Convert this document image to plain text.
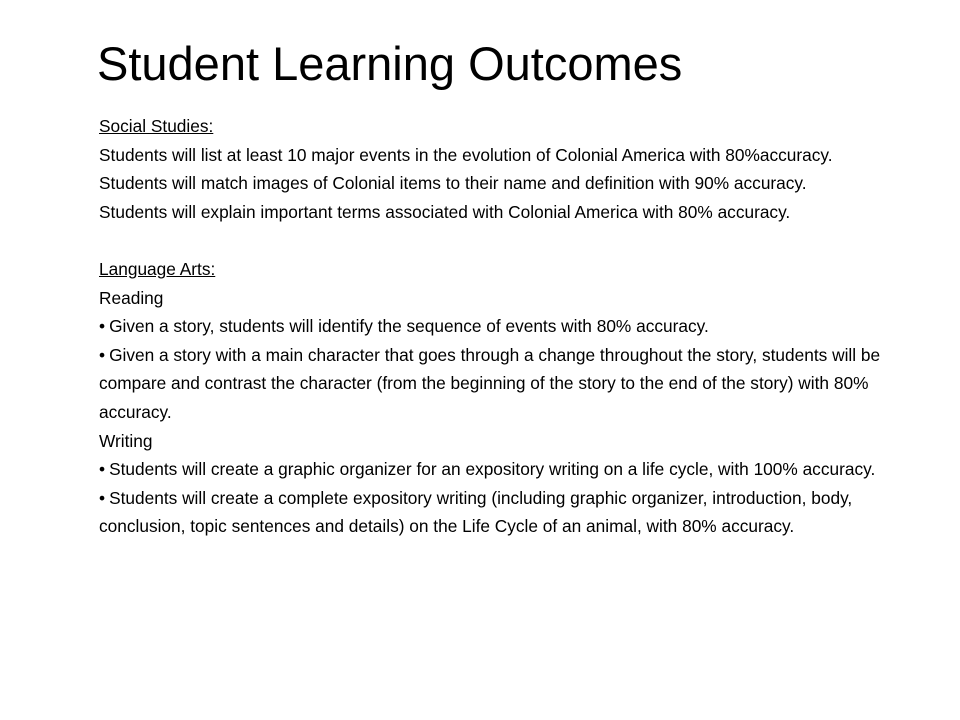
Student Learning Outcomes

Social Studies:

Students will list at least 10 major events in the evolution of Colonial America with 80%accuracy.

Students will match images of Colonial items to their name and definition with 90% accuracy.

Students will explain important terms associated with Colonial America with 80% accuracy.

Language Arts:

Reading

• Given a story, students will identify the sequence of events with 80% accuracy.

• Given a story with a main character that goes through a change throughout the story, students will be compare and contrast the character (from the beginning of the story to the end of the story) with 80% accuracy.

Writing

• Students will create a graphic organizer for an expository writing on a life cycle, with 100% accuracy.

• Students will create a complete expository writing (including graphic organizer, introduction, body, conclusion, topic sentences and details) on the Life Cycle of an animal, with 80% accuracy.
